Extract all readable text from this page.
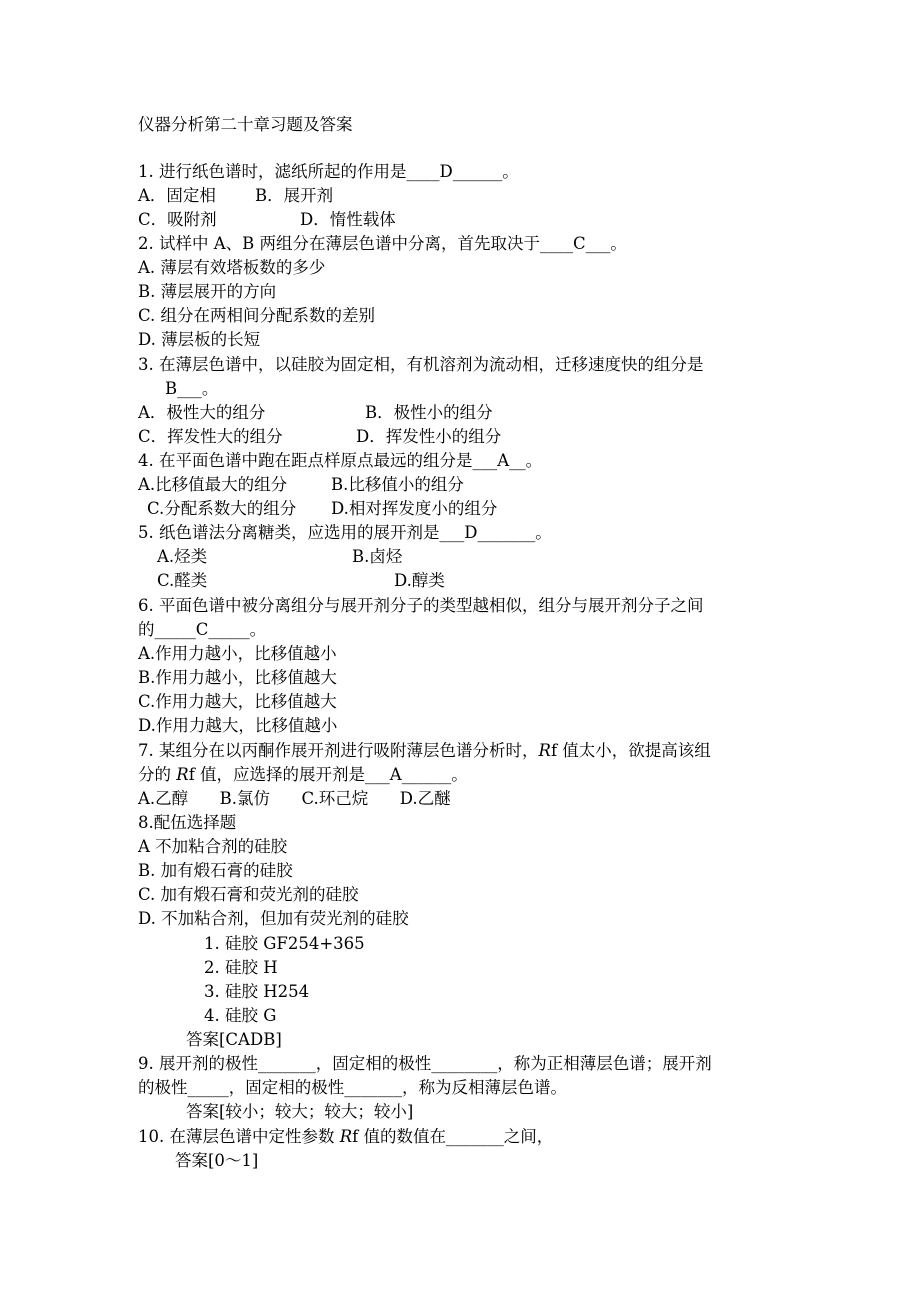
仪器分析第二十章习题及答案
1. 进行纸色谱时，滤纸所起的作用是____D______。
A．固定相 B．展开剂
C．吸附剂	D．惰性载体
2. 试样中 A、B 两组分在薄层色谱中分离，首先取决于____C___。
A. 薄层有效塔板数的多少
B. 薄层展开的方向
C. 组分在两相间分配系数的差别
D. 薄层板的长短
3. 在薄层色谱中，以硅胶为固定相，有机溶剂为流动相，迁移速度快的组分是
B___。
A．极性大的组分	B．极性小的组分
C．挥发性大的组分	D．挥发性小的组分
4. 在平面色谱中跑在距点样原点最远的组分是___A__。
A.比移值最大的组分	B.比移值小的组分
C.分配系数大的组分 D.相对挥发度小的组分
5. 纸色谱法分离糖类，应选用的展开剂是___D_______。
A.烃类	B.卤烃
C.醛类	D.醇类
6. 平面色谱中被分离组分与展开剂分子的类型越相似，组分与展开剂分子之间
的_____C_____。
A.作用力越小，比移值越小
B.作用力越小，比移值越大
C.作用力越大，比移值越大
D.作用力越大，比移值越小
7. 某组分在以丙酮作展开剂进行吸附薄层色谱分析时，Rf 值太小，欲提高该组
分的 Rf 值，应选择的展开剂是___A______。
A.乙醇      B.氯仿      C.环己烷      D.乙醚
8.配伍选择题
A 不加粘合剂的硅胶
B. 加有煅石膏的硅胶
C. 加有煅石膏和荧光剂的硅胶
D. 不加粘合剂，但加有荧光剂的硅胶
1. 硅胶 GF254+365
2. 硅胶 H
3. 硅胶 H254
4. 硅胶 G
答案[CADB]
9. 展开剂的极性_______，固定相的极性________，称为正相薄层色谱；展开剂
的极性_____，固定相的极性_______，称为反相薄层色谱。
答案[较小；较大；较大；较小]
10. 在薄层色谱中定性参数 Rf 值的数值在_______之间，
答案[0～1]
